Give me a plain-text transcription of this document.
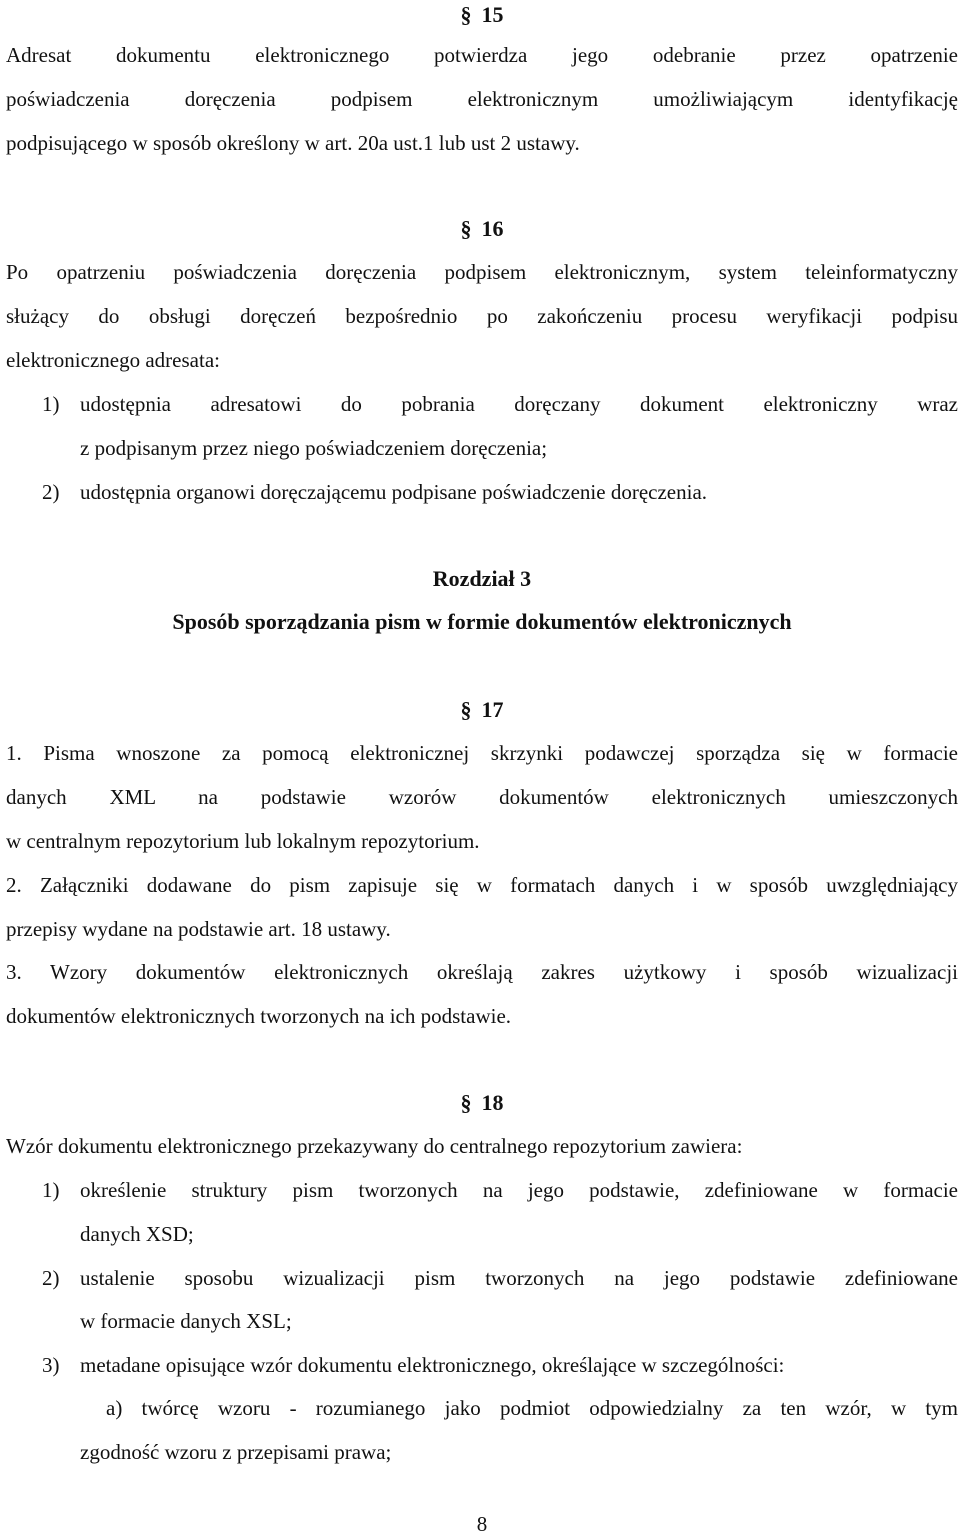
§ 15
Adresat dokumentu elektronicznego potwierdza jego odebranie przez opatrzenie
poświadczenia doręczenia podpisem elektronicznym umożliwiającym identyfikację
podpisującego w sposób określony w art. 20a ust.1 lub ust 2 ustawy.
§ 16
Po opatrzeniu poświadczenia doręczenia podpisem elektronicznym, system teleinformatyczny
służący do obsługi doręczeń bezpośrednio po zakończeniu procesu weryfikacji podpisu
elektronicznego adresata:
1) udostępnia adresatowi do pobrania doręczany dokument elektroniczny wraz
z podpisanym przez niego poświadczeniem doręczenia;
2) udostępnia organowi doręczającemu podpisane poświadczenie doręczenia.
Rozdział 3
Sposób sporządzania pism w formie dokumentów elektronicznych
§ 17
1. Pisma wnoszone za pomocą elektronicznej skrzynki podawczej sporządza się w formacie
danych XML na podstawie wzorów dokumentów elektronicznych umieszczonych
w centralnym repozytorium lub lokalnym repozytorium.
2. Załączniki dodawane do pism zapisuje się w formatach danych i w sposób uwzględniający
przepisy wydane na podstawie art. 18 ustawy.
3. Wzory dokumentów elektronicznych określają zakres użytkowy i sposób wizualizacji
dokumentów elektronicznych tworzonych na ich podstawie.
§ 18
Wzór dokumentu elektronicznego przekazywany do centralnego repozytorium zawiera:
1) określenie struktury pism tworzonych na jego podstawie, zdefiniowane w formacie
danych XSD;
2) ustalenie sposobu wizualizacji pism tworzonych na jego podstawie zdefiniowane
w formacie danych XSL;
3) metadane opisujące wzór dokumentu elektronicznego, określające w szczególności:
a) twórcę wzoru - rozumianego jako podmiot odpowiedzialny za ten wzór, w tym
zgodność wzoru z przepisami prawa;
8
